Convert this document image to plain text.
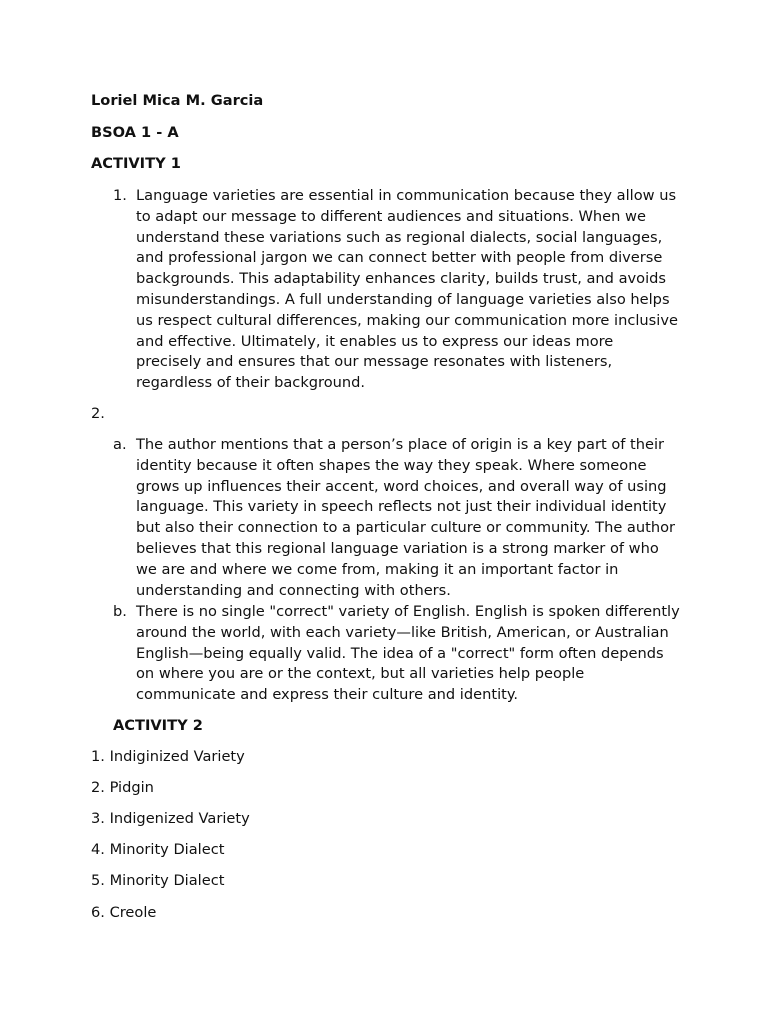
Loriel Mica M. Garcia
BSOA 1 - A
ACTIVITY 1
1. Language varieties are essential in communication because they allow us to adapt our message to different audiences and situations. When we understand these variations such as regional dialects, social languages, and professional jargon we can connect better with people from diverse backgrounds. This adaptability enhances clarity, builds trust, and avoids misunderstandings. A full understanding of language varieties also helps us respect cultural differences, making our communication more inclusive and effective. Ultimately, it enables us to express our ideas more precisely and ensures that our message resonates with listeners, regardless of their background.
2.
a. The author mentions that a person’s place of origin is a key part of their identity because it often shapes the way they speak. Where someone grows up influences their accent, word choices, and overall way of using language. This variety in speech reflects not just their individual identity but also their connection to a particular culture or community. The author believes that this regional language variation is a strong marker of who we are and where we come from, making it an important factor in understanding and connecting with others.
b. There is no single "correct" variety of English. English is spoken differently around the world, with each variety—like British, American, or Australian English—being equally valid. The idea of a "correct" form often depends on where you are or the context, but all varieties help people communicate and express their culture and identity.
ACTIVITY 2
1. Indiginized Variety
2. Pidgin
3. Indigenized Variety
4. Minority Dialect
5. Minority Dialect
6. Creole
